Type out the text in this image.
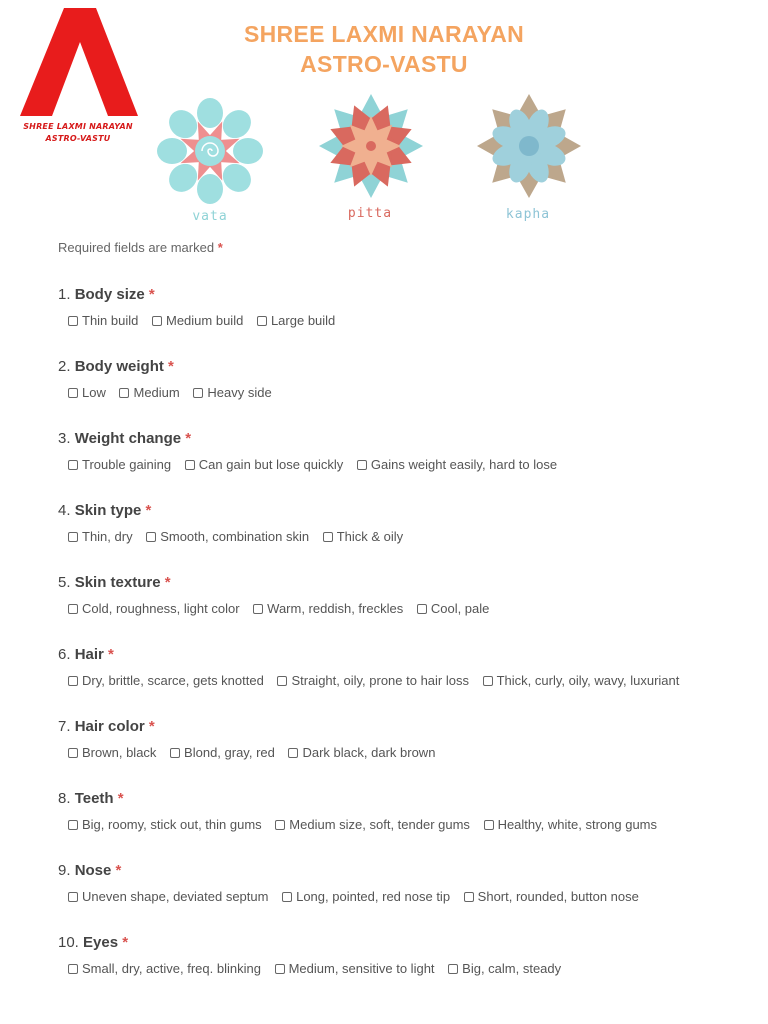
SHREE LAXMI NARAYAN
ASTRO-VASTU
SHREE LAXMI NARAYAN
ASTRO-VASTU
vata	pitta	kapha
Required fields are marked *
1. Body size *
Thin build
Medium build
Large build
2. Body weight *
Low
Medium
Heavy side
3. Weight change *
Trouble gaining
Can gain but lose quickly
Gains weight easily, hard to lose
4. Skin type *
Thin, dry
Smooth, combination skin
Thick & oily
5. Skin texture *
Cold, roughness, light color
Warm, reddish, freckles
Cool, pale
6. Hair *
Dry, brittle, scarce, gets knotted
Straight, oily, prone to hair loss
Thick, curly, oily, wavy, luxuriant
7. Hair color *
Brown, black
Blond, gray, red
Dark black, dark brown
8. Teeth *
Big, roomy, stick out, thin gums
Medium size, soft, tender gums
Healthy, white, strong gums
9. Nose *
Uneven shape, deviated septum
Long, pointed, red nose tip
Short, rounded, button nose
10. Eyes *
Small, dry, active, freq. blinking
Medium, sensitive to light
Big, calm, steady
